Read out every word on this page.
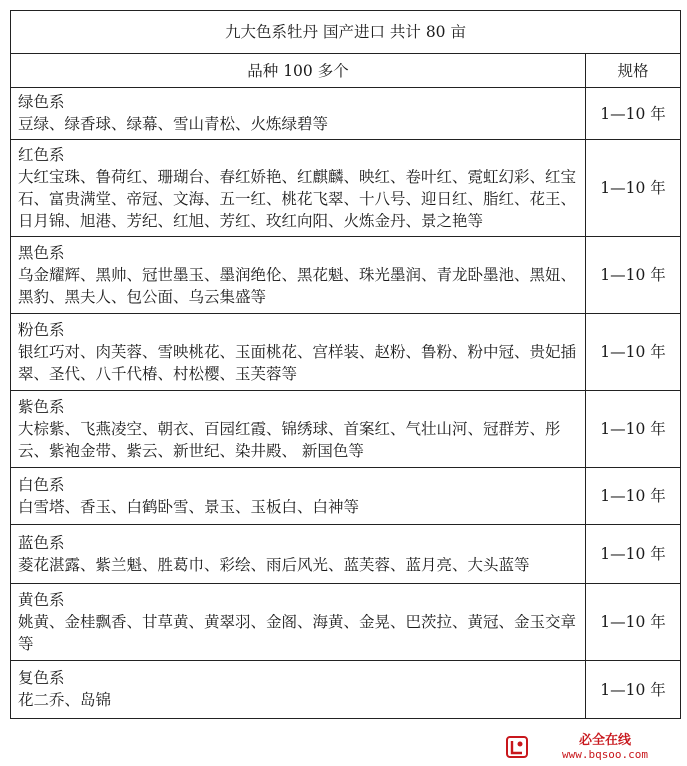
九大色系牡丹 国产进口 共计 80 亩	
品种 100 多个	规格

绿色系
豆绿、绿香球、绿幕、雪山青松、火炼绿碧等	1—10 年

红色系
大红宝珠、鲁荷红、珊瑚台、春红娇艳、红麒麟、映红、卷叶红、霓虹幻彩、红宝石、富贵满堂、帝冠、文海、五一红、桃花飞翠、十八号、迎日红、脂红、花王、日月锦、旭港、芳纪、红旭、芳红、玫红向阳、火炼金丹、景之艳等	1—10 年

黑色系
乌金耀辉、黑帅、冠世墨玉、墨润绝伦、黑花魁、珠光墨润、青龙卧墨池、黑妞、黑豹、黑夫人、包公面、乌云集盛等	1—10 年

粉色系
银红巧对、肉芙蓉、雪映桃花、玉面桃花、宫样装、赵粉、鲁粉、粉中冠、贵妃插翠、圣代、八千代椿、村松樱、玉芙蓉等	1—10 年

紫色系
大棕紫、飞燕凌空、朝衣、百园红霞、锦绣球、首案红、气壮山河、冠群芳、彤云、紫袍金带、紫云、新世纪、染井殿、 新国色等	1—10 年

白色系
白雪塔、香玉、白鹤卧雪、景玉、玉板白、白神等	1—10 年

蓝色系
菱花湛露、紫兰魁、胜葛巾、彩绘、雨后风光、蓝芙蓉、蓝月亮、大头蓝等	1—10 年

黄色系
姚黄、金桂飘香、甘草黄、黄翠羽、金阁、海黄、金晃、巴茨拉、黄冠、金玉交章等	1—10 年

复色系
花二乔、岛锦	1—10 年
必全在线
www.bqsoo.com
